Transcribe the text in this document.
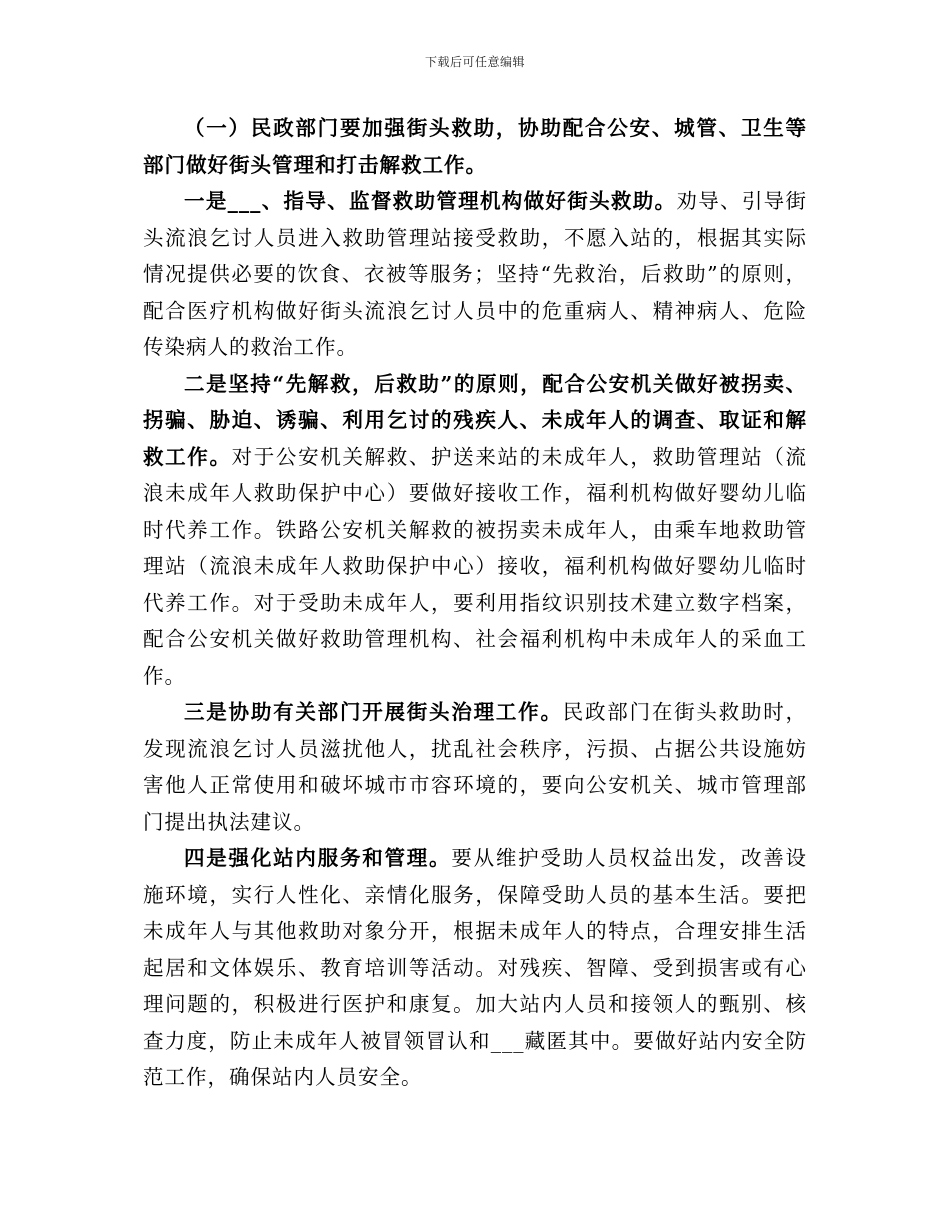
下载后可任意编辑

（一）民政部门要加强街头救助，协助配合公安、城管、卫生等部门做好街头管理和打击解救工作。

一是___、指导、监督救助管理机构做好街头救助。劝导、引导街头流浪乞讨人员进入救助管理站接受救助，不愿入站的，根据其实际情况提供必要的饮食、衣被等服务；坚持“先救治，后救助”的原则，配合医疗机构做好街头流浪乞讨人员中的危重病人、精神病人、危险传染病人的救治工作。

二是坚持“先解救，后救助”的原则，配合公安机关做好被拐卖、拐骗、胁迫、诱骗、利用乞讨的残疾人、未成年人的调查、取证和解救工作。对于公安机关解救、护送来站的未成年人，救助管理站（流浪未成年人救助保护中心）要做好接收工作，福利机构做好婴幼儿临时代养工作。铁路公安机关解救的被拐卖未成年人，由乘车地救助管理站（流浪未成年人救助保护中心）接收，福利机构做好婴幼儿临时代养工作。对于受助未成年人，要利用指纹识别技术建立数字档案，配合公安机关做好救助管理机构、社会福利机构中未成年人的采血工作。

三是协助有关部门开展街头治理工作。民政部门在街头救助时，发现流浪乞讨人员滋扰他人，扰乱社会秩序，污损、占据公共设施妨害他人正常使用和破坏城市市容环境的，要向公安机关、城市管理部门提出执法建议。

四是强化站内服务和管理。要从维护受助人员权益出发，改善设施环境，实行人性化、亲情化服务，保障受助人员的基本生活。要把未成年人与其他救助对象分开，根据未成年人的特点，合理安排生活起居和文体娱乐、教育培训等活动。对残疾、智障、受到损害或有心理问题的，积极进行医护和康复。加大站内人员和接领人的甄别、核查力度，防止未成年人被冒领冒认和___藏匿其中。要做好站内安全防范工作，确保站内人员安全。
